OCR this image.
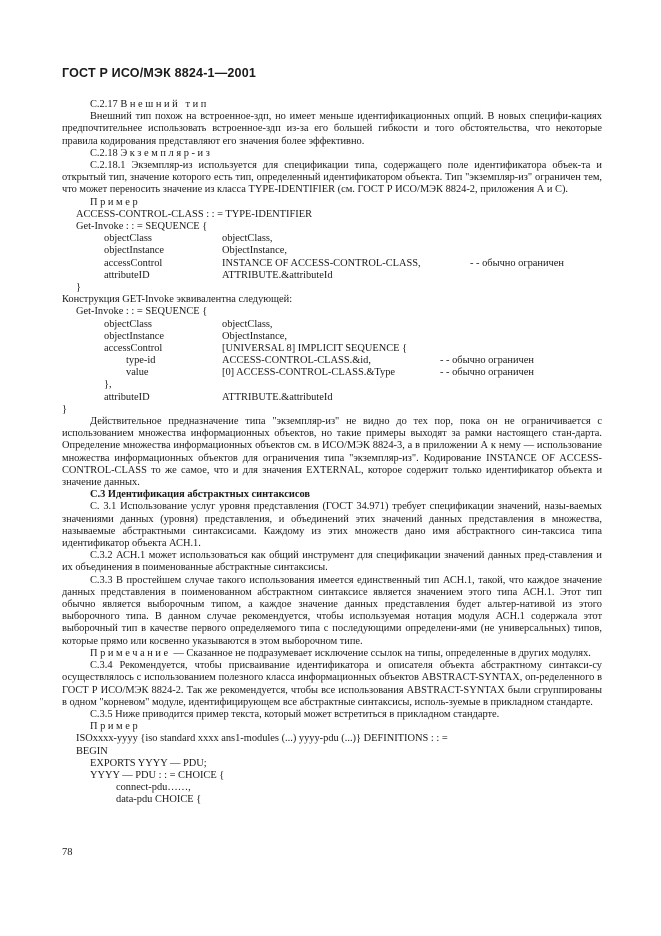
ГОСТ Р ИСО/МЭК 8824-1—2001

С.2.17 Внешний тип

Внешний тип похож на встроенное-здп, но имеет меньше идентификационных опций. В новых специфи-кациях предпочтительнее использовать встроенное-здп из-за его большей гибкости и того обстоятельства, что некоторые правила кодирования представляют его значения более эффективно.

С.2.18 Экземпляр-из

С.2.18.1 Экземпляр-из используется для спецификации типа, содержащего поле идентификатора объек-та и открытый тип, значение которого есть тип, определенный идентификатором объекта. Тип "экземпляр-из" ограничен тем, что может переносить значение из класса TYPE-IDENTIFIER (см. ГОСТ Р ИСО/МЭК 8824-2, приложения А и С).

Пример

ACCESS-CONTROL-CLASS : : = TYPE-IDENTIFIER
Get-Invoke : : = SEQUENCE {
objectClass	objectClass,
objectInstance	ObjectInstance,
accessControl	INSTANCE OF ACCESS-CONTROL-CLASS,	- - обычно ограничен
attributeID	ATTRIBUTE.&attributeId
}

Конструкция GET-Invoke эквивалентна следующей:

Get-Invoke : : = SEQUENCE {
objectClass	objectClass,
objectInstance	ObjectInstance,
accessControl	[UNIVERSAL 8] IMPLICIT SEQUENCE {
type-id	ACCESS-CONTROL-CLASS.&id,	- - обычно ограничен
value	[0] ACCESS-CONTROL-CLASS.&Type	- - обычно ограничен
},
attributeID	ATTRIBUTE.&attributeId
}

Действительное предназначение типа "экземпляр-из" не видно до тех пор, пока он не ограничивается с использованием множества информационных объектов, но такие примеры выходят за рамки настоящего стан-дарта. Определение множества информационных объектов см. в ИСО/МЭК 8824-3, а в приложении А к нему — использование множества информационных объектов для ограничения типа "экземпляр-из". Кодирование INSTANCE OF ACCESS-CONTROL-CLASS то же самое, что и для значения EXTERNAL, которое содержит только идентификатор объекта и значение данных.

С.3 Идентификация абстрактных синтаксисов

С. 3.1 Использование услуг уровня представления (ГОСТ 34.971) требует спецификации значений, назы-ваемых значениями данных (уровня) представления, и объединений этих значений данных представления в множества, называемые абстрактными синтаксисами. Каждому из этих множеств дано имя абстрактного син-таксиса типа идентификатор объекта АСН.1.

С.3.2 АСН.1 может использоваться как общий инструмент для спецификации значений данных пред-ставления и их объединения в поименованные абстрактные синтаксисы.

С.3.3 В простейшем случае такого использования имеется единственный тип АСН.1, такой, что каждое значение данных представления в поименованном абстрактном синтаксисе является значением этого типа АСН.1. Этот тип обычно является выборочным типом, а каждое значение данных представления будет альтер-нативой из этого выборочного типа. В данном случае рекомендуется, чтобы используемая нотация модуля АСН.1 содержала этот выборочный тип в качестве первого определяемого типа с последующими определени-ями (не универсальных) типов, которые прямо или косвенно указываются в этом выборочном типе.

Примечание — Сказанное не подразумевает исключение ссылок на типы, определенные в других модулях.

С.3.4 Рекомендуется, чтобы присваивание идентификатора и описателя объекта абстрактному синтакси-су осуществлялось с использованием полезного класса информационных объектов ABSTRACT-SYNTAX, оп-ределенного в ГОСТ Р ИСО/МЭК 8824-2. Так же рекомендуется, чтобы все использования ABSTRACT-SYNTAX были сгруппированы в одном "корневом" модуле, идентифицирующем все абстрактные синтаксисы, исполь-зуемые в прикладном стандарте.

С.3.5 Ниже приводится пример текста, который может встретиться в прикладном стандарте.

Пример

ISOxxxx-yyyy {iso standard xxxx ans1-modules (...) yyyy-pdu (...)} DEFINITIONS : : =
BEGIN
EXPORTS YYYY — PDU;
YYYY — PDU : : = CHOICE {
connect-pdu……,
data-pdu CHOICE {
78
